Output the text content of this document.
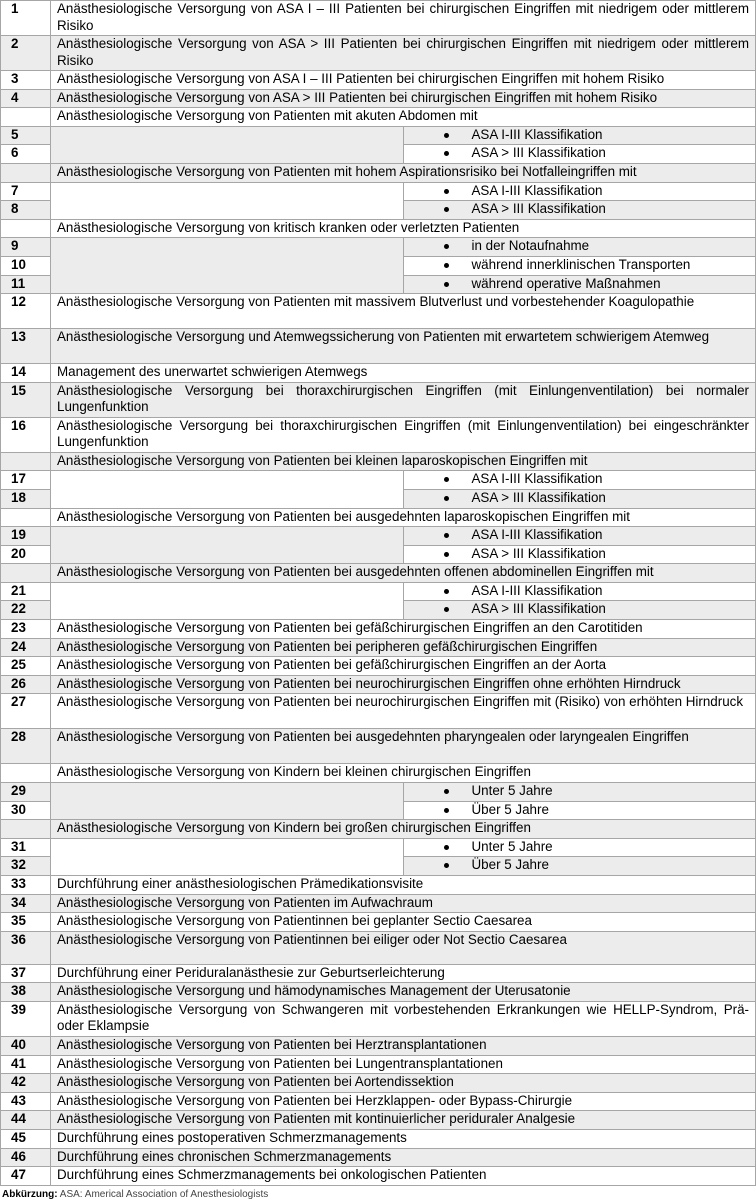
1	Anästhesiologische Versorgung von ASA I – III Patienten bei chirurgischen Eingriffen mit niedrigem oder mittlerem Risiko	
2	Anästhesiologische Versorgung von ASA > III Patienten bei chirurgischen Eingriffen mit niedrigem oder mittlerem Risiko	
3	Anästhesiologische Versorgung von ASA I – III Patienten bei chirurgischen Eingriffen mit hohem Risiko	
4	Anästhesiologische Versorgung von ASA > III Patienten bei chirurgischen Eingriffen mit hohem Risiko	
	Anästhesiologische Versorgung von Patienten mit akuten Abdomen mit	
5		ASA I-III Klassifikation
6		ASA > III Klassifikation
	Anästhesiologische Versorgung von Patienten mit hohem Aspirationsrisiko bei Notfalleingriffen mit	
7		ASA I-III Klassifikation
8		ASA > III Klassifikation
	Anästhesiologische Versorgung von kritisch kranken oder verletzten Patienten	
9		in der Notaufnahme
10		während innerklinischen Transporten
11		während operative Maßnahmen
12	Anästhesiologische Versorgung von Patienten mit massivem Blutverlust und vorbestehender Koagulopathie	
13	Anästhesiologische Versorgung und Atemwegssicherung von Patienten mit erwartetem schwierigem Atemweg	
14	Management des unerwartet schwierigen Atemwegs	
15	Anästhesiologische Versorgung bei thoraxchirurgischen Eingriffen (mit Einlungenventilation) bei normaler Lungenfunktion	
16	Anästhesiologische Versorgung bei thoraxchirurgischen Eingriffen (mit Einlungenventilation) bei eingeschränkter Lungenfunktion	
	Anästhesiologische Versorgung von Patienten bei kleinen laparoskopischen Eingriffen mit	
17		ASA I-III Klassifikation
18		ASA > III Klassifikation
	Anästhesiologische Versorgung von Patienten bei ausgedehnten laparoskopischen Eingriffen mit	
19		ASA I-III Klassifikation
20		ASA > III Klassifikation
	Anästhesiologische Versorgung von Patienten bei ausgedehnten offenen abdominellen Eingriffen mit	
21		ASA I-III Klassifikation
22		ASA > III Klassifikation
23	Anästhesiologische Versorgung von Patienten bei gefäßchirurgischen Eingriffen an den Carotitiden	
24	Anästhesiologische Versorgung von Patienten bei peripheren gefäßchirurgischen Eingriffen	
25	Anästhesiologische Versorgung von Patienten bei gefäßchirurgischen Eingriffen an der Aorta	
26	Anästhesiologische Versorgung von Patienten bei neurochirurgischen Eingriffen ohne erhöhten Hirndruck	
27	Anästhesiologische Versorgung von Patienten bei neurochirurgischen Eingriffen mit (Risiko) von erhöhten Hirndruck	
28	Anästhesiologische Versorgung von Patienten bei ausgedehnten pharyngealen oder laryngealen Eingriffen	
	Anästhesiologische Versorgung von Kindern bei kleinen chirurgischen Eingriffen	
29		Unter 5 Jahre
30		Über 5 Jahre
	Anästhesiologische Versorgung von Kindern bei großen chirurgischen Eingriffen	
31		Unter 5 Jahre
32		Über 5 Jahre
33	Durchführung einer anästhesiologischen Prämedikationsvisite	
34	Anästhesiologische Versorgung von Patienten im Aufwachraum	
35	Anästhesiologische Versorgung von Patientinnen bei geplanter Sectio Caesarea	
36	Anästhesiologische Versorgung von Patientinnen bei eiliger oder Not Sectio Caesarea	
37	Durchführung einer Periduralanästhesie zur Geburtserleichterung	
38	Anästhesiologische Versorgung und hämodynamisches Management der Uterusatonie	
39	Anästhesiologische Versorgung von Schwangeren mit vorbestehenden Erkrankungen wie HELLP-Syndrom, Prä- oder Eklampsie	
40	Anästhesiologische Versorgung von Patienten bei Herztransplantationen	
41	Anästhesiologische Versorgung von Patienten bei Lungentransplantationen	
42	Anästhesiologische Versorgung von Patienten bei Aortendissektion	
43	Anästhesiologische Versorgung von Patienten bei Herzklappen- oder Bypass-Chirurgie	
44	Anästhesiologische Versorgung von Patienten mit kontinuierlicher periduraler Analgesie	
45	Durchführung eines postoperativen Schmerzmanagements	
46	Durchführung eines chronischen Schmerzmanagements	
47	Durchführung eines Schmerzmanagements bei onkologischen Patienten	
Abkürzung: ASA: Americal Association of Anesthesiologists
